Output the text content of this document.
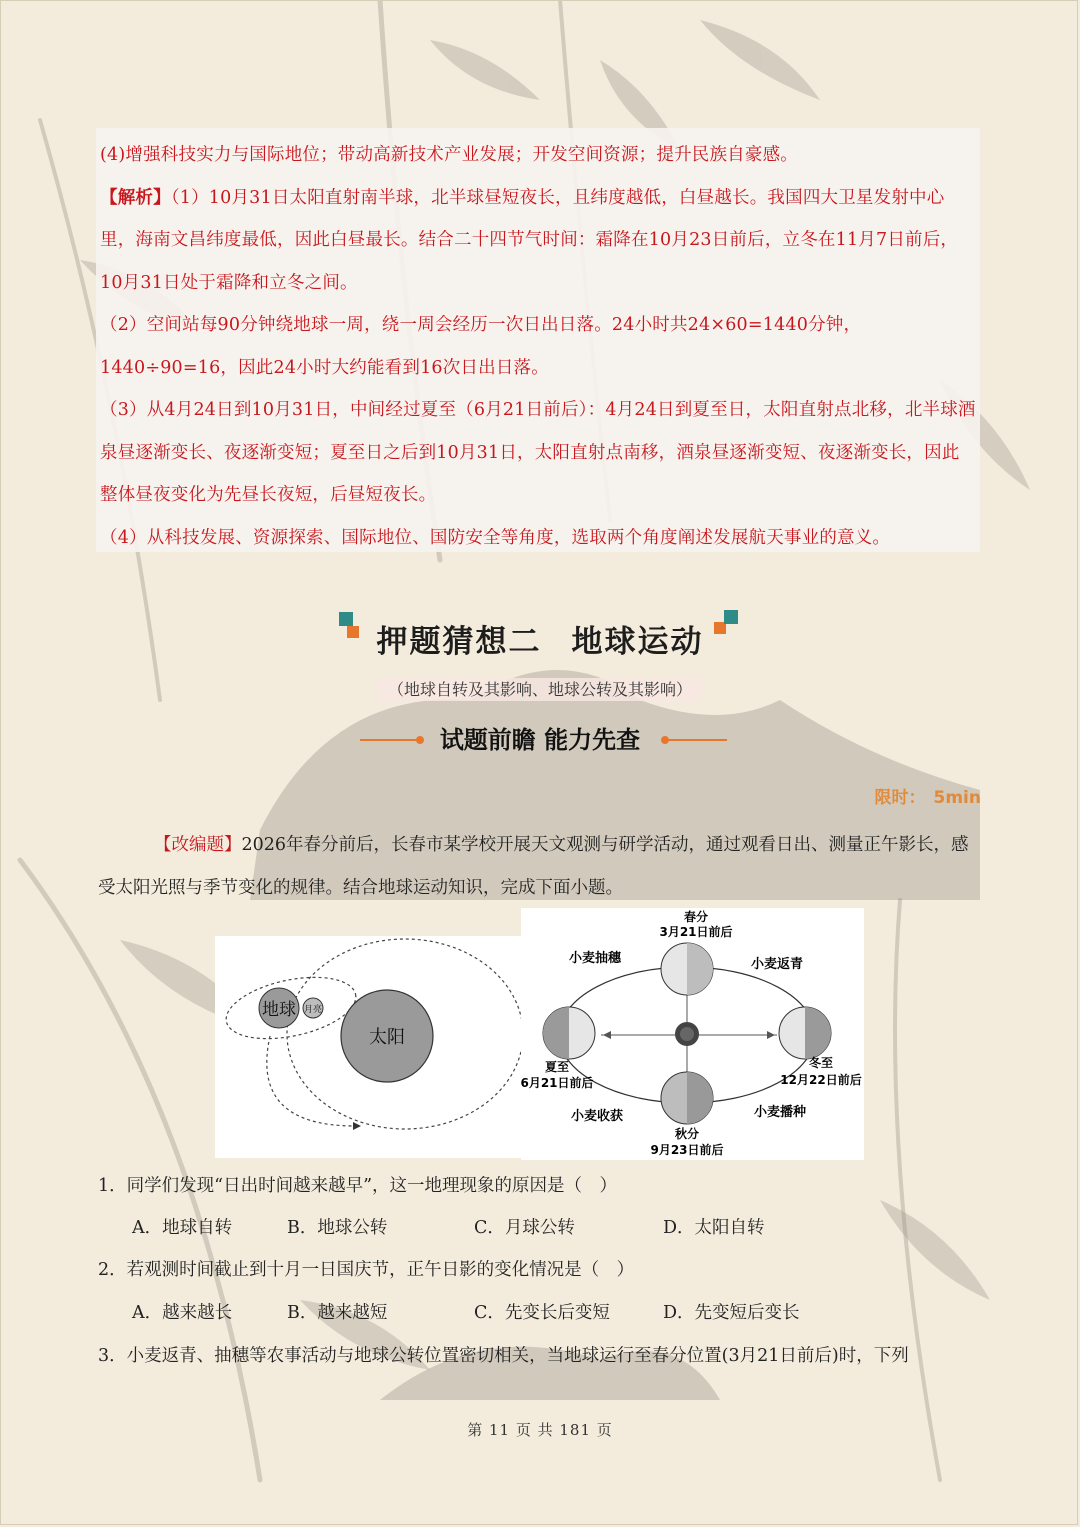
(4)增强科技实力与国际地位；带动高新技术产业发展；开发空间资源；提升民族自豪感。

【解析】（1）10月31日太阳直射南半球，北半球昼短夜长，且纬度越低，白昼越长。我国四大卫星发射中心里，海南文昌纬度最低，因此白昼最长。结合二十四节气时间：霜降在10月23日前后，立冬在11月7日前后，10月31日处于霜降和立冬之间。

（2）空间站每90分钟绕地球一周，绕一周会经历一次日出日落。24小时共24×60=1440分钟，1440÷90=16，因此24小时大约能看到16次日出日落。

（3）从4月24日到10月31日，中间经过夏至（6月21日前后）：4月24日到夏至日，太阳直射点北移，北半球酒泉昼逐渐变长、夜逐渐变短；夏至日之后到10月31日，太阳直射点南移，酒泉昼逐渐变短、夜逐渐变长，因此整体昼夜变化为先昼长夜短，后昼短夜长。

（4）从科技发展、资源探索、国际地位、国防安全等角度，选取两个角度阐述发展航天事业的意义。

押题猜想二 地球运动
（地球自转及其影响、地球公转及其影响）
试题前瞻 能力先查
限时： 5min
【改编题】2026年春分前后，长春市某学校开展天文观测与研学活动，通过观看日出、测量正午影长，感受太阳光照与季节变化的规律。结合地球运动知识，完成下面小题。
地球 月亮
太阳
春分
3月21日前后
小麦抽穗	小麦返青
夏至
6月21日前后
冬至
12月22日前后
小麦收获	小麦播种
秋分
9月23日前后
1．同学们发现“日出时间越来越早”，这一地理现象的原因是（　）
A．地球自转	B．地球公转	C．月球公转	D．太阳自转
2．若观测时间截止到十月一日国庆节，正午日影的变化情况是（　）
A．越来越长	B．越来越短	C．先变长后变短	D．先变短后变长
3．小麦返青、抽穗等农事活动与地球公转位置密切相关，当地球运行至春分位置(3月21日前后)时，下列
第 11 页 共 181 页
